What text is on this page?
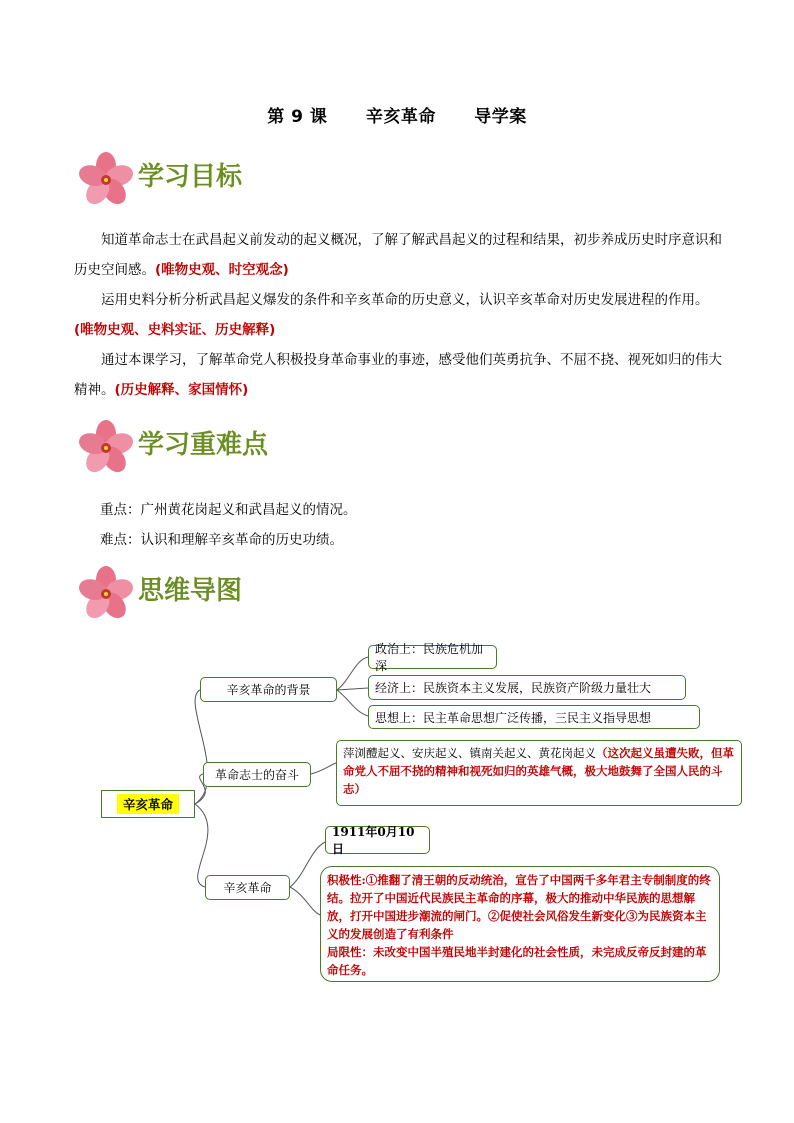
第 9 课 辛亥革命 导学案
学习目标
知道革命志士在武昌起义前发动的起义概况，了解了解武昌起义的过程和结果，初步养成历史时序意识和历史空间感。(唯物史观、时空观念)
运用史料分析分析武昌起义爆发的条件和辛亥革命的历史意义，认识辛亥革命对历史发展进程的作用。(唯物史观、史料实证、历史解释)
通过本课学习，了解革命党人积极投身革命事业的事迹，感受他们英勇抗争、不屈不挠、视死如归的伟大精神。(历史解释、家国情怀)
学习重难点
重点：广州黄花岗起义和武昌起义的情况。
难点：认识和理解辛亥革命的历史功绩。
思维导图
辛亥革命
辛亥革命的背景
政治上：民族危机加深
经济上：民族资本主义发展，民族资产阶级力量壮大
思想上：民主革命思想广泛传播，三民主义指导思想
革命志士的奋斗
萍浏醴起义、安庆起义、镇南关起义、黄花岗起义（这次起义虽遭失败，但革命党人不屈不挠的精神和视死如归的英雄气概，极大地鼓舞了全国人民的斗志）
辛亥革命
1911年0月10日
积极性:①推翻了清王朝的反动统治，宣告了中国两千多年君主专制制度的终结。拉开了中国近代民族民主革命的序幕，极大的推动中华民族的思想解放，打开中国进步潮流的闸门。②促使社会风俗发生新变化③为民族资本主义的发展创造了有利条件
局限性：未改变中国半殖民地半封建化的社会性质，未完成反帝反封建的革命任务。
